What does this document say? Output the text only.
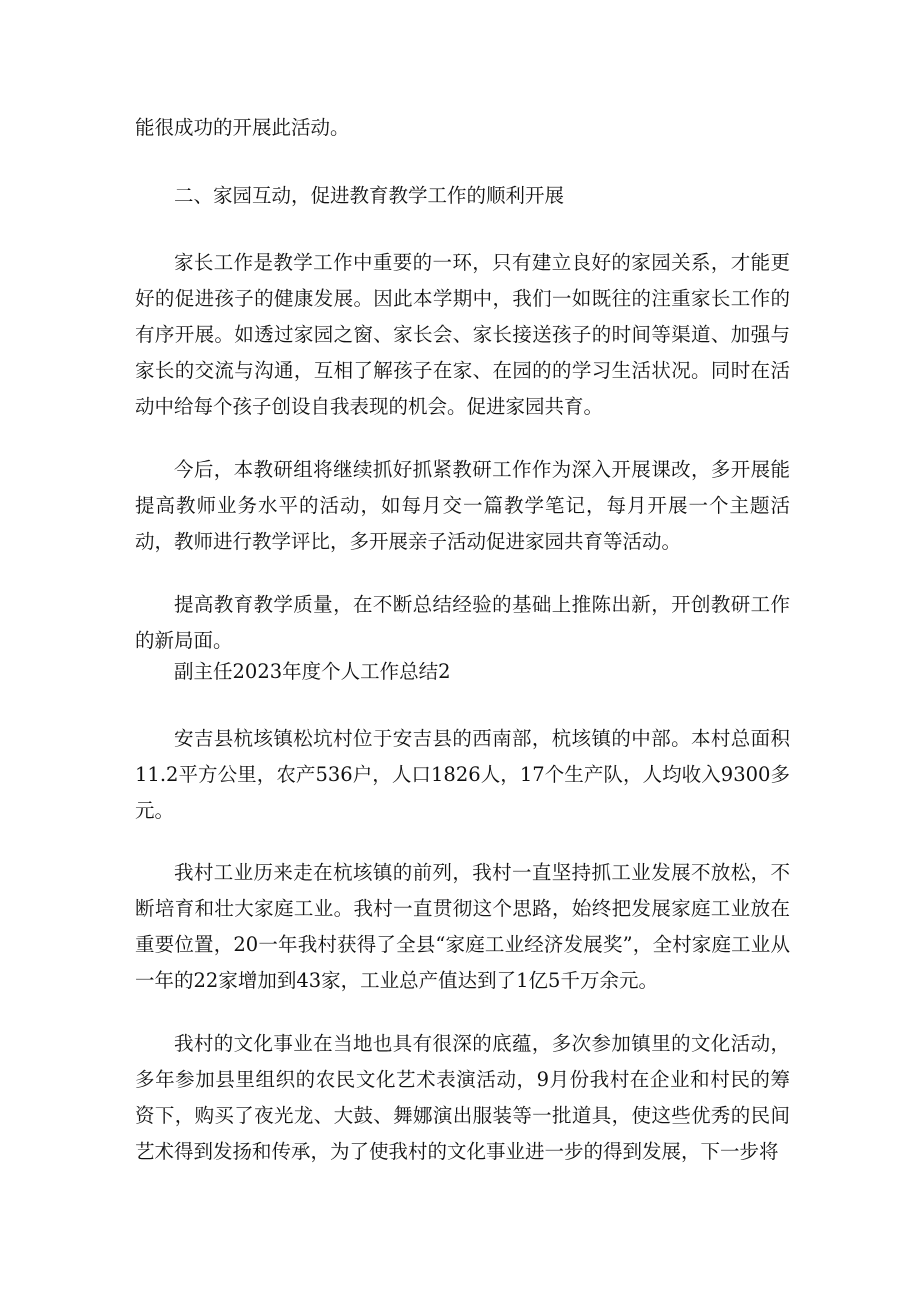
能很成功的开展此活动。

二、家园互动，促进教育教学工作的顺利开展

家长工作是教学工作中重要的一环，只有建立良好的家园关系，才能更好的促进孩子的健康发展。因此本学期中，我们一如既往的注重家长工作的有序开展。如透过家园之窗、家长会、家长接送孩子的时间等渠道、加强与家长的交流与沟通，互相了解孩子在家、在园的的学习生活状况。同时在活动中给每个孩子创设自我表现的机会。促进家园共育。

今后，本教研组将继续抓好抓紧教研工作作为深入开展课改，多开展能提高教师业务水平的活动，如每月交一篇教学笔记，每月开展一个主题活动，教师进行教学评比，多开展亲子活动促进家园共育等活动。

提高教育教学质量，在不断总结经验的基础上推陈出新，开创教研工作的新局面。

副主任2023年度个人工作总结2

安吉县杭垓镇松坑村位于安吉县的西南部，杭垓镇的中部。本村总面积11.2平方公里，农产536户，人口1826人，17个生产队，人均收入9300多元。

我村工业历来走在杭垓镇的前列，我村一直坚持抓工业发展不放松，不断培育和壮大家庭工业。我村一直贯彻这个思路，始终把发展家庭工业放在重要位置，20一年我村获得了全县“家庭工业经济发展奖”，全村家庭工业从一年的22家增加到43家，工业总产值达到了1亿5千万余元。

我村的文化事业在当地也具有很深的底蕴，多次参加镇里的文化活动，多年参加县里组织的农民文化艺术表演活动，9月份我村在企业和村民的筹资下，购买了夜光龙、大鼓、舞娜演出服装等一批道具，使这些优秀的民间艺术得到发扬和传承，为了使我村的文化事业进一步的得到发展，下一步将
